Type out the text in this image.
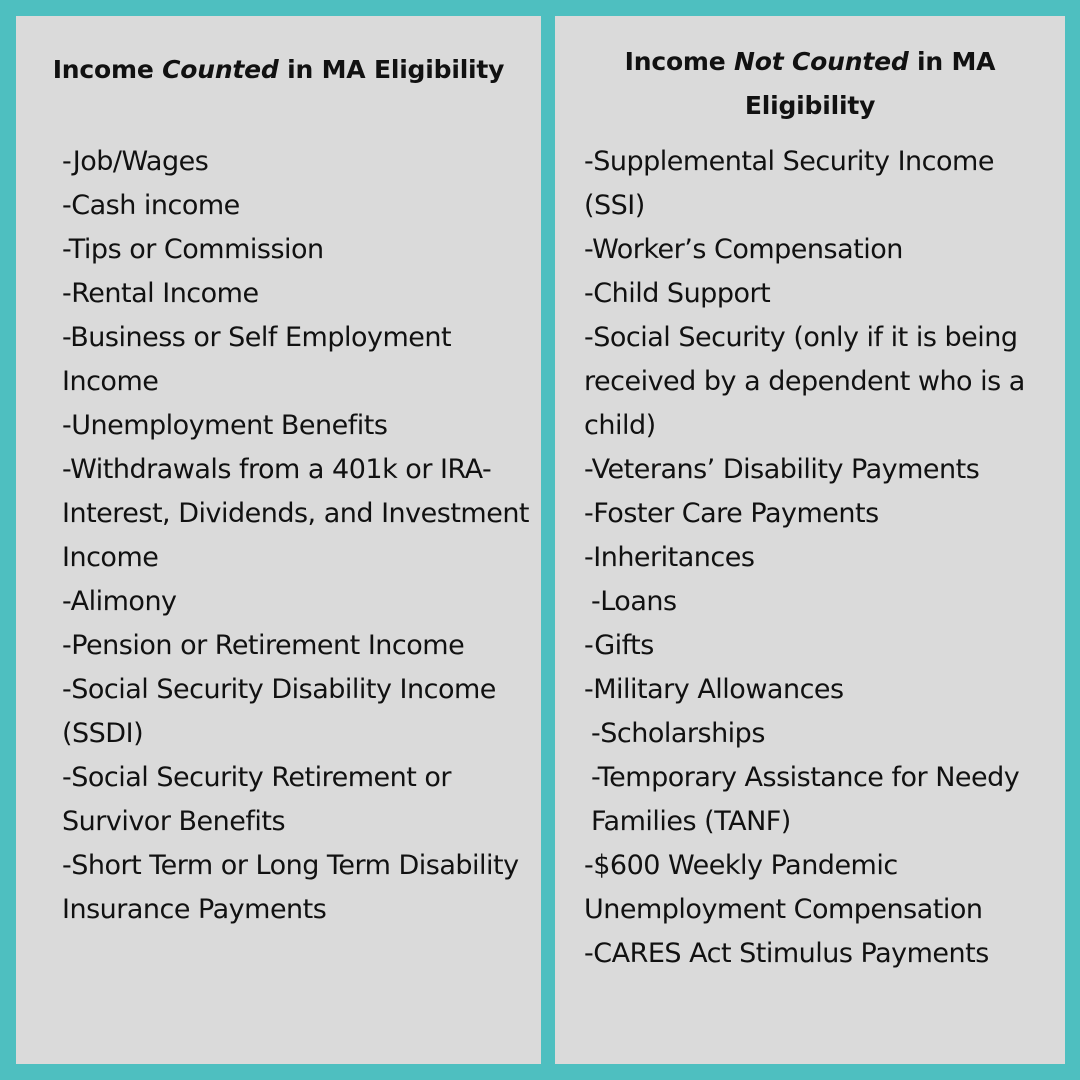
Income Counted in MA Eligibility
-Job/Wages
-Cash income
-Tips or Commission
-Rental Income
-Business or Self Employment Income
-Unemployment Benefits
-Withdrawals from a 401k or IRA-Interest, Dividends, and Investment Income
-Alimony
-Pension or Retirement Income
-Social Security Disability Income (SSDI)
-Social Security Retirement or Survivor Benefits
-Short Term or Long Term Disability Insurance Payments
Income Not Counted in MA Eligibility
-Supplemental Security Income (SSI)
-Worker’s Compensation
-Child Support
-Social Security (only if it is being received by a dependent who is a child)
-Veterans’ Disability Payments
-Foster Care Payments
-Inheritances
-Loans
-Gifts
-Military Allowances
-Scholarships
-Temporary Assistance for Needy Families (TANF)
-$600 Weekly Pandemic Unemployment Compensation
-CARES Act Stimulus Payments
